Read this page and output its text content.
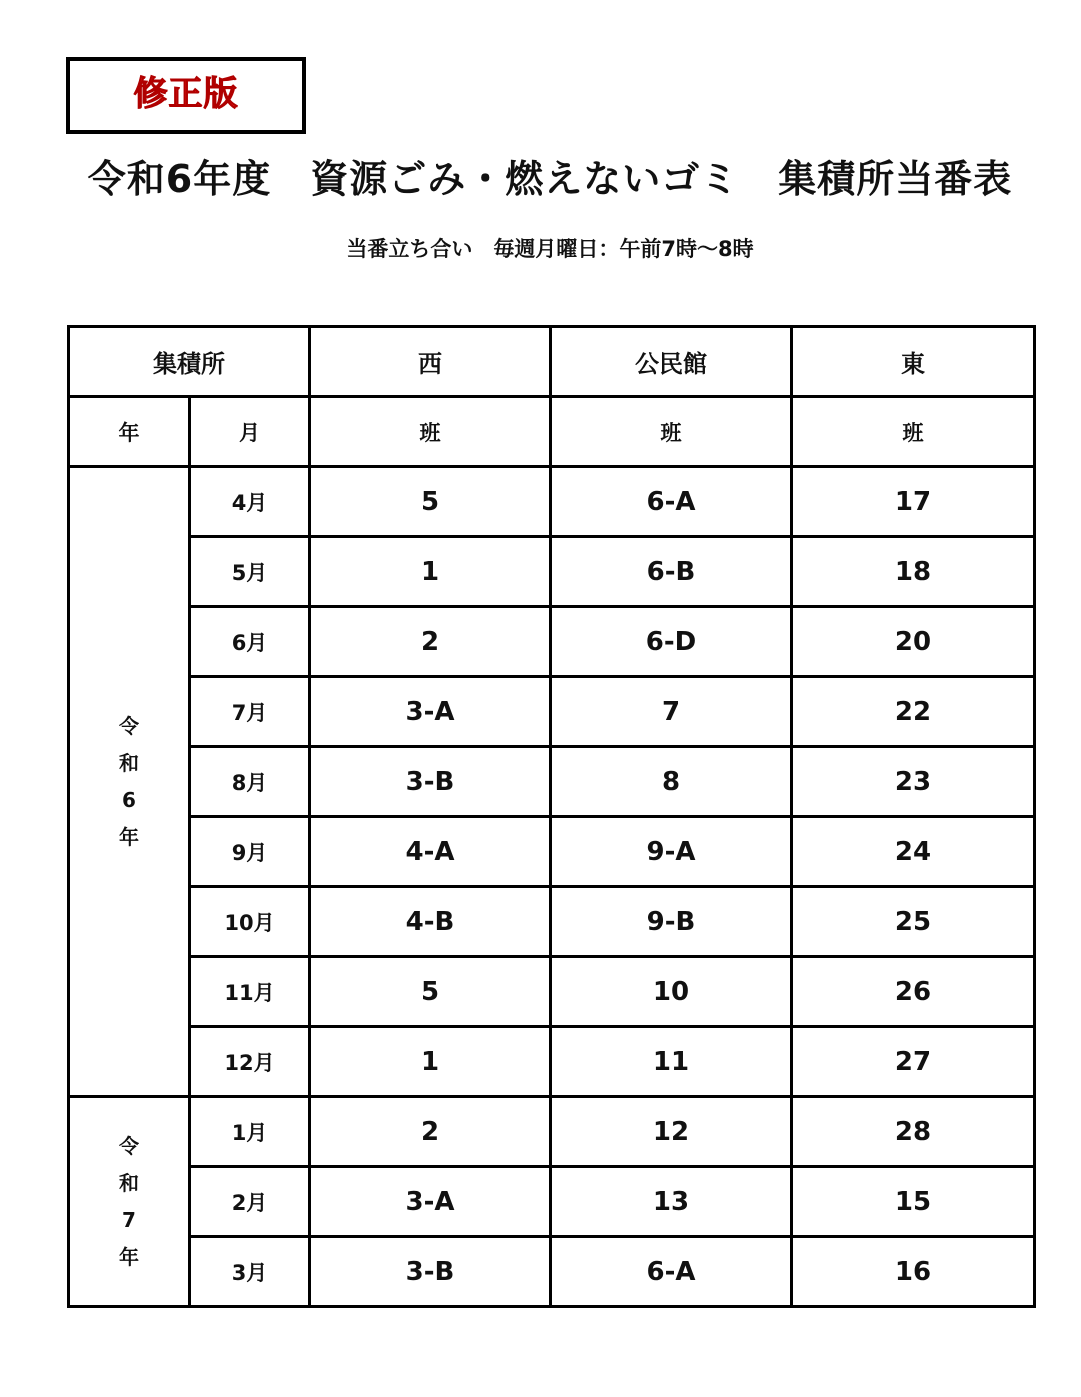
修正版
令和6年度　資源ごみ・燃えないゴミ　集積所当番表
当番立ち合い　毎週月曜日：午前7時～8時
集積所		西	公民館	東
年	月	班	班	班

令
和
6
年	4月	5	6-A	17
	5月	1	6-B	18
	6月	2	6-D	20
	7月	3-A	7	22
	8月	3-B	8	23
	9月	4-A	9-A	24
	10月	4-B	9-B	25
	11月	5	10	26
	12月	1	11	27

令
和
7
年	1月	2	12	28
	2月	3-A	13	15
	3月	3-B	6-A	16
